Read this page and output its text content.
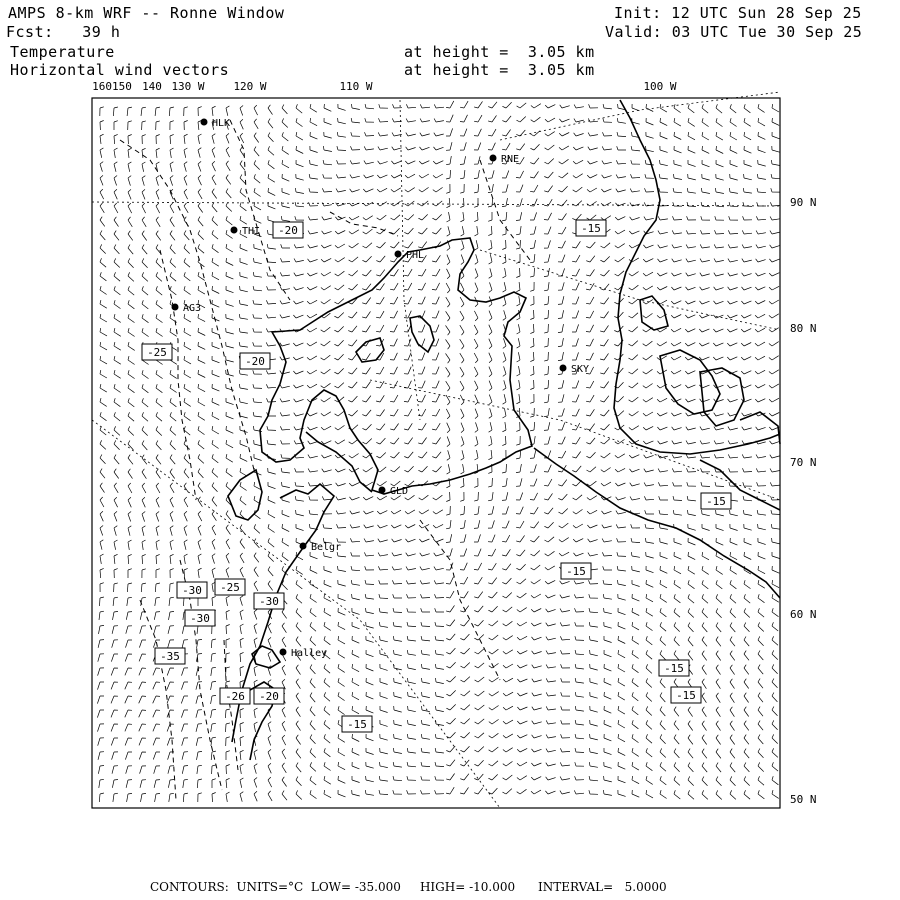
AMPS 8-km WRF -- Ronne Window	Init: 12 UTC Sun 28 Sep 25
Fcst:   39 h	Valid: 03 UTC Tue 30 Sep 25
Temperature	at height =  3.05 km
Horizontal wind vectors	at height =  3.05 km
HLK
RNE
THI
PHL
AG3
SKY
GLD
Belgr
Halley
-20	-15
-25
-20
-15
-15
-30 -25
-30
-30
-35
-15
-26 -20
-15
-15
160150 140 130 W	120 W	110 W	100 W
90 N
80 N
70 N
60 N
50 N
CONTOURS:  UNITS=°C  LOW= -35.000     HIGH= -10.000      INTERVAL=   5.0000
